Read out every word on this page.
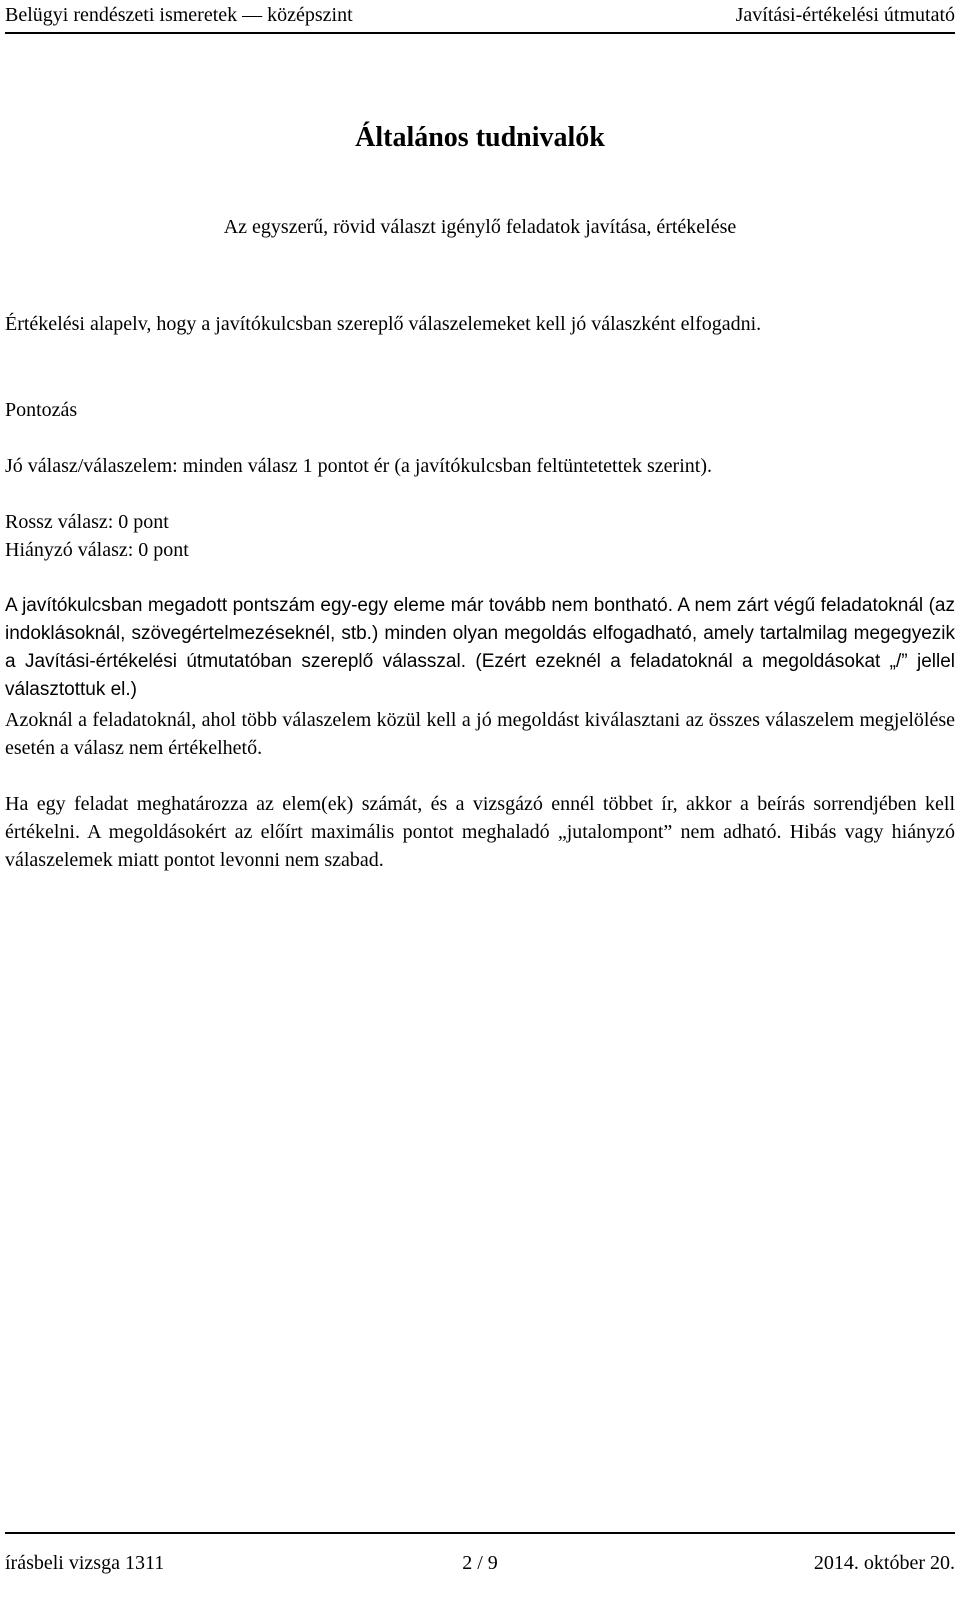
Belügyi rendészeti ismeretek — középszint	Javítási-értékelési útmutató
Általános tudnivalók
Az egyszerű, rövid választ igénylő feladatok javítása, értékelése

Értékelési alapelv, hogy a javítókulcsban szereplő válaszelemeket kell jó válaszként elfogadni.

Pontozás
Jó válasz/válaszelem: minden válasz 1 pontot ér (a javítókulcsban feltüntetettek szerint).
Rossz válasz: 0 pont
Hiányzó válasz: 0 pont

A javítókulcsban megadott pontszám egy-egy eleme már tovább nem bontható. A nem zárt végű feladatoknál (az indoklásoknál, szövegértelmezéseknél, stb.) minden olyan megoldás elfogadható, amely tartalmilag megegyezik a Javítási-értékelési útmutatóban szereplő válasszal. (Ezért ezeknél a feladatoknál a megoldásokat „/” jellel választottuk el.)

Azoknál a feladatoknál, ahol több válaszelem közül kell a jó megoldást kiválasztani az összes válaszelem megjelölése esetén a válasz nem értékelhető.

Ha egy feladat meghatározza az elem(ek) számát, és a vizsgázó ennél többet ír, akkor a beírás sorrendjében kell értékelni. A megoldásokért az előírt maximális pontot meghaladó „jutalompont” nem adható. Hibás vagy hiányzó válaszelemek miatt pontot levonni nem szabad.

írásbeli vizsga 1311	2 / 9	2014. október 20.
